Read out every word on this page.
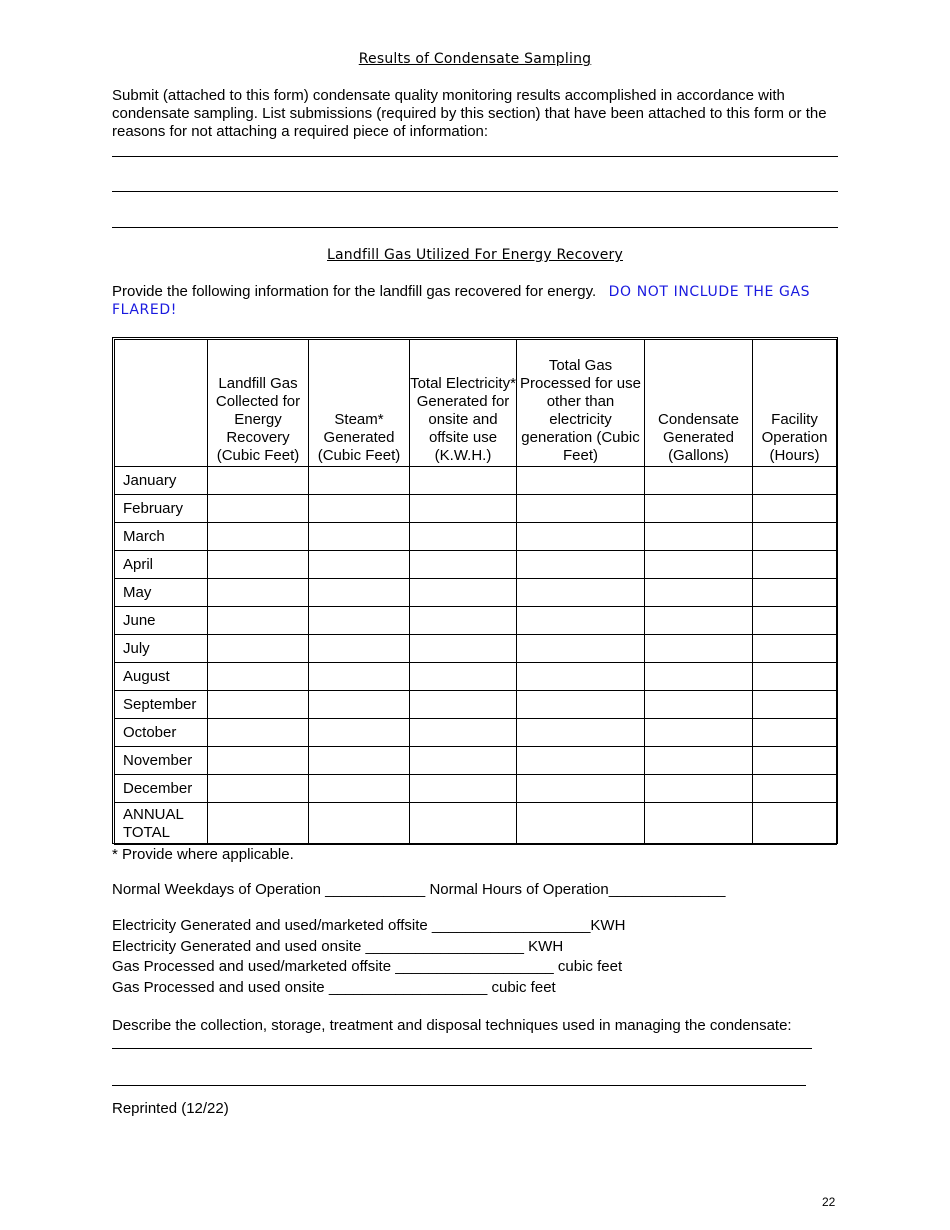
Results of Condensate Sampling
Submit (attached to this form) condensate quality monitoring results accomplished in accordance with condensate sampling. List submissions (required by this section) that have been attached to this form or the reasons for not attaching a required piece of information:
Landfill Gas Utilized For Energy Recovery
Provide the following information for the landfill gas recovered for energy. DO NOT INCLUDE THE GAS FLARED!
	Landfill Gas Collected for Energy Recovery (Cubic Feet)	Steam* Generated (Cubic Feet)	Total Electricity* Generated for onsite and offsite use (K.W.H.)	Total Gas Processed for use other than electricity generation (Cubic Feet)	Condensate Generated (Gallons)	Facility Operation (Hours)
January						
February						
March						
April						
May						
June						
July						
August						
September						
October						
November						
December						
ANNUAL TOTAL						
* Provide where applicable.
Normal Weekdays of Operation ____________ Normal Hours of Operation______________
Electricity Generated and used/marketed offsite ___________________KWH
Electricity Generated and used onsite ___________________ KWH
Gas Processed and used/marketed offsite ___________________ cubic feet
Gas Processed and used onsite ___________________ cubic feet
Describe the collection, storage, treatment and disposal techniques used in managing the condensate:
Reprinted (12/22)
22
